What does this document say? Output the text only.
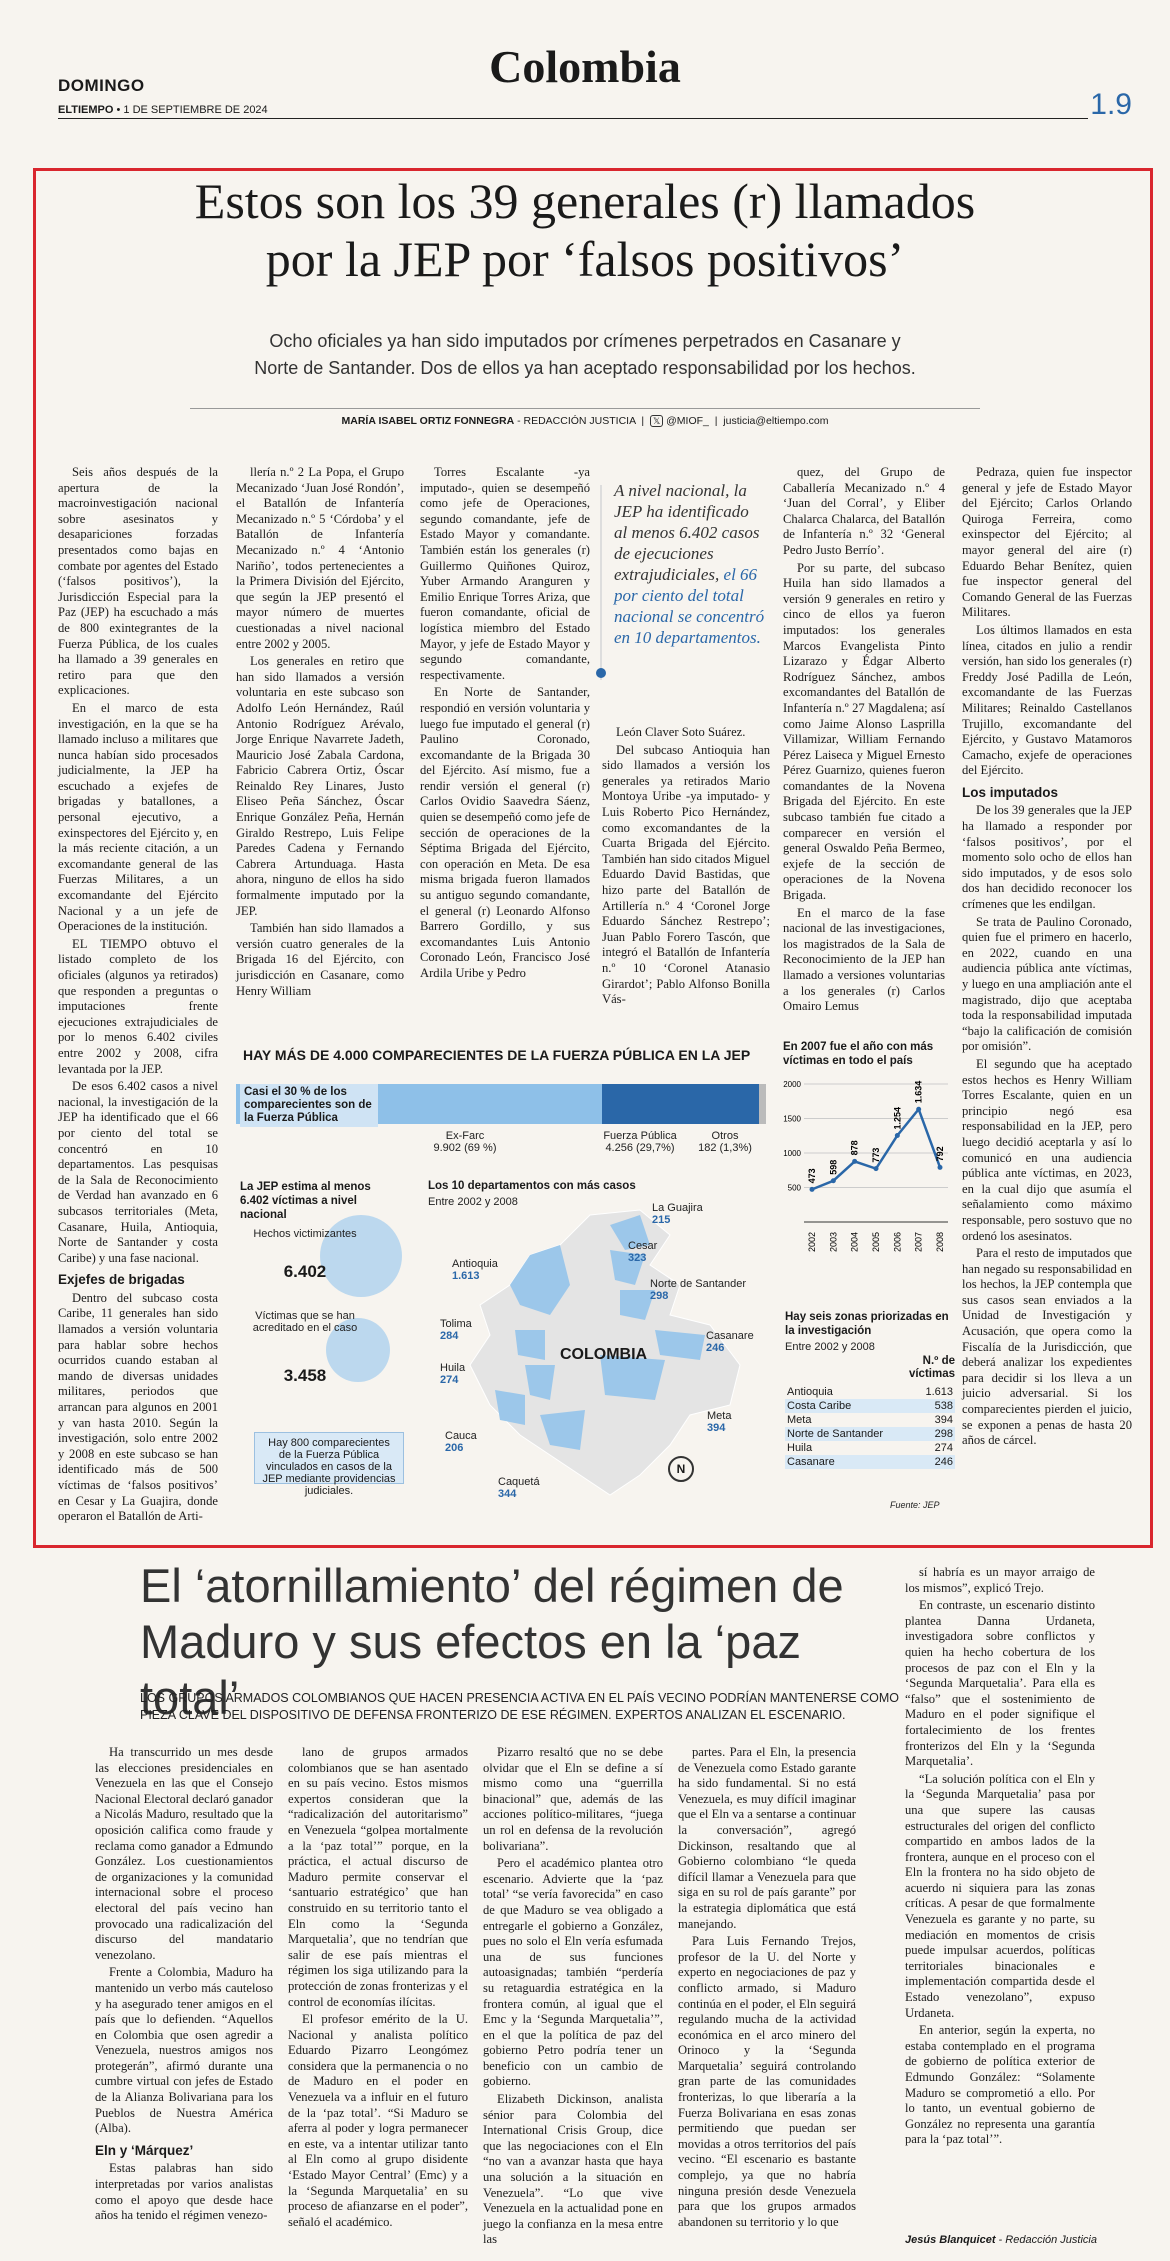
Colombia
DOMINGO
ELTIEMPO • 1 DE SEPTIEMBRE DE 2024	1.9
Estos son los 39 generales (r) llamados
por la JEP por ‘falsos positivos’
Ocho oficiales ya han sido imputados por crímenes perpetrados en Casanare y
Norte de Santander. Dos de ellos ya han aceptado responsabilidad por los hechos.
MARÍA ISABEL ORTIZ FONNEGRA - REDACCIÓN JUSTICIA  |  𝕏 @MIOF_  |  justicia@eltiempo.com

Seis años después de la apertura de la macroinvestigación nacional sobre asesinatos y desapariciones forzadas presentados como bajas en combate por agentes del Estado (‘falsos positivos’), la Jurisdicción Especial para la Paz (JEP) ha escuchado a más de 800 exintegrantes de la Fuerza Pública, de los cuales ha llamado a 39 generales en retiro para que den explicaciones.

En el marco de esta investigación, en la que se ha llamado incluso a militares que nunca habían sido procesados judicialmente, la JEP ha escuchado a exjefes de brigadas y batallones, a personal ejecutivo, a exinspectores del Ejército y, en la más reciente citación, a un excomandante general de las Fuerzas Militares, a un excomandante del Ejército Nacional y a un jefe de Operaciones de la institución.

EL TIEMPO obtuvo el listado completo de los oficiales (algunos ya retirados) que responden a preguntas o imputaciones frente ejecuciones extrajudiciales de por lo menos 6.402 civiles entre 2002 y 2008, cifra levantada por la JEP.

De esos 6.402 casos a nivel nacional, la investigación de la JEP ha identificado que el 66 por ciento del total se concentró en 10 departamentos. Las pesquisas de la Sala de Reconocimiento de Verdad han avanzado en 6 subcasos territoriales (Meta, Casanare, Huila, Antioquia, Norte de Santander y costa Caribe) y una fase nacional.

Exjefes de brigadas

Dentro del subcaso costa Caribe, 11 generales han sido llamados a versión voluntaria para hablar sobre hechos ocurridos cuando estaban al mando de diversas unidades militares, periodos que arrancan para algunos en 2001 y van hasta 2010. Según la investigación, solo entre 2002 y 2008 en este subcaso se han identificado más de 500 víctimas de ‘falsos positivos’ en Cesar y La Guajira, donde operaron el Batallón de Arti-

llería n.º 2 La Popa, el Grupo Mecanizado ‘Juan José Rondón’, el Batallón de Infantería Mecanizado n.º 5 ‘Córdoba’ y el Batallón de Infantería Mecanizado n.º 4 ‘Antonio Nariño’, todos pertenecientes a la Primera División del Ejército, que según la JEP presentó el mayor número de muertes cuestionadas a nivel nacional entre 2002 y 2005.

Los generales en retiro que han sido llamados a versión voluntaria en este subcaso son Adolfo León Hernández, Raúl Antonio Rodríguez Arévalo, Jorge Enrique Navarrete Jadeth, Mauricio José Zabala Cardona, Fabricio Cabrera Ortiz, Óscar Reinaldo Rey Linares, Justo Eliseo Peña Sánchez, Óscar Enrique González Peña, Hernán Giraldo Restrepo, Luis Felipe Paredes Cadena y Fernando Cabrera Artunduaga. Hasta ahora, ninguno de ellos ha sido formalmente imputado por la JEP.

También han sido llamados a versión cuatro generales de la Brigada 16 del Ejército, con jurisdicción en Casanare, como Henry William

Torres Escalante -ya imputado-, quien se desempeñó como jefe de Operaciones, segundo comandante, jefe de Estado Mayor y comandante. También están los generales (r) Guillermo Quiñones Quiroz, Yuber Armando Aranguren y Emilio Enrique Torres Ariza, que fueron comandante, oficial de logística miembro del Estado Mayor, y jefe de Estado Mayor y segundo comandante, respectivamente.

En Norte de Santander, respondió en versión voluntaria y luego fue imputado el general (r) Paulino Coronado, excomandante de la Brigada 30 del Ejército. Así mismo, fue a rendir versión el general (r) Carlos Ovidio Saavedra Sáenz, quien se desempeñó como jefe de sección de operaciones de la Séptima Brigada del Ejército, con operación en Meta. De esa misma brigada fueron llamados su antiguo segundo comandante, el general (r) Leonardo Alfonso Barrero Gordillo, y sus excomandantes Luis Antonio Coronado León, Francisco José Ardila Uribe y Pedro

A nivel nacional, la JEP ha identificado al menos 6.402 casos de ejecuciones extrajudiciales, el 66 por ciento del total nacional se concentró en 10 departamentos.

León Claver Soto Suárez.

Del subcaso Antioquia han sido llamados a versión los generales ya retirados Mario Montoya Uribe -ya imputado- y Luis Roberto Pico Hernández, como excomandantes de la Cuarta Brigada del Ejército. También han sido citados Miguel Eduardo David Bastidas, que hizo parte del Batallón de Artillería n.º 4 ‘Coronel Jorge Eduardo Sánchez Restrepo’; Juan Pablo Forero Tascón, que integró el Batallón de Infantería n.º 10 ‘Coronel Atanasio Girardot’; Pablo Alfonso Bonilla Vás-

quez, del Grupo de Caballería Mecanizado n.º 4 ‘Juan del Corral’, y Eliber Chalarca Chalarca, del Batallón de Infantería n.º 32 ‘General Pedro Justo Berrío’.

Por su parte, del subcaso Huila han sido llamados a versión 9 generales en retiro y cinco de ellos ya fueron imputados: los generales Marcos Evangelista Pinto Lizarazo y Édgar Alberto Rodríguez Sánchez, ambos excomandantes del Batallón de Infantería n.º 27 Magdalena; así como Jaime Alonso Lasprilla Villamizar, William Fernando Pérez Laiseca y Miguel Ernesto Pérez Guarnizo, quienes fueron comandantes de la Novena Brigada del Ejército. En este subcaso también fue citado a comparecer en versión el general Oswaldo Peña Bermeo, exjefe de la sección de operaciones de la Novena Brigada.

En el marco de la fase nacional de las investigaciones, los magistrados de la Sala de Reconocimiento de la JEP han llamado a versiones voluntarias a los generales (r) Carlos Omairo Lemus

Pedraza, quien fue inspector general y jefe de Estado Mayor del Ejército; Carlos Orlando Quiroga Ferreira, como exinspector del Ejército; al mayor general del aire (r) Eduardo Behar Benítez, quien fue inspector general del Comando General de las Fuerzas Militares.

Los últimos llamados en esta línea, citados en julio a rendir versión, han sido los generales (r) Freddy José Padilla de León, excomandante de las Fuerzas Militares; Reinaldo Castellanos Trujillo, excomandante del Ejército, y Gustavo Matamoros Camacho, exjefe de operaciones del Ejército.

Los imputados

De los 39 generales que la JEP ha llamado a responder por ‘falsos positivos’, por el momento solo ocho de ellos han sido imputados, y de esos solo dos han decidido reconocer los crímenes que les endilgan.

Se trata de Paulino Coronado, quien fue el primero en hacerlo, en 2022, cuando en una audiencia pública ante víctimas, y luego en una ampliación ante el magistrado, dijo que aceptaba toda la responsabilidad imputada “bajo la calificación de comisión por omisión”.

El segundo que ha aceptado estos hechos es Henry William Torres Escalante, quien en un principio negó esa responsabilidad en la JEP, pero luego decidió aceptarla y así lo comunicó en una audiencia pública ante víctimas, en 2023, en la cual dijo que asumía el señalamiento como máximo responsable, pero sostuvo que no ordenó los asesinatos.

Para el resto de imputados que han negado su responsabilidad en los hechos, la JEP contempla que sus casos sean enviados a la Unidad de Investigación y Acusación, que opera como la Fiscalía de la Jurisdicción, que deberá analizar los expedientes para decidir si los lleva a un juicio adversarial. Si los comparecientes pierden el juicio, se exponen a penas de hasta 20 años de cárcel.

HAY MÁS DE 4.000 COMPARECIENTES DE LA FUERZA PÚBLICA EN LA JEP
Casi el 30 % de los comparecientes son de la Fuerza Pública
Ex-Farc
9.902 (69 %)
Fuerza Pública
4.256 (29,7%)
Otros
182 (1,3%)
La JEP estima al menos 6.402 víctimas a nivel nacional
Hechos victimizantes
6.402
Víctimas que se han acreditado en el caso
3.458
Hay 800 comparecientes de la Fuerza Pública vinculados en casos de la JEP mediante providencias judiciales.
Los 10 departamentos con más casos
Entre 2002 y 2008	La Guajira
215
Cesar
323
Norte de Santander
298
Antioquia
1.613
Casanare
246
Tolima
284
Huila
274
Meta
394
Cauca
206
Caquetá
344
COLOMBIA
N
En 2007 fue el año con más víctimas en todo el país
500
1000
1500
2000
473
2002
598
2003
878
2004
773
2005
1.254
2006
1.634
2007
792
2008
Hay seis zonas priorizadas en la investigación
Entre 2002 y 2008
N.º de víctimas
Antioquia	1.613
Costa Caribe	538
Meta	394
Norte de Santander	298
Huila	274
Casanare	246
Fuente: JEP
El ‘atornillamiento’ del régimen de
Maduro y sus efectos en la ‘paz total’
LOS GRUPOS ARMADOS COLOMBIANOS QUE HACEN PRESENCIA ACTIVA EN EL PAÍS VECINO PODRÍAN MANTENERSE COMO PIEZA CLAVE DEL DISPOSITIVO DE DEFENSA FRONTERIZO DE ESE RÉGIMEN. EXPERTOS ANALIZAN EL ESCENARIO.

Ha transcurrido un mes desde las elecciones presidenciales en Venezuela en las que el Consejo Nacional Electoral declaró ganador a Nicolás Maduro, resultado que la oposición califica como fraude y reclama como ganador a Edmundo González. Los cuestionamientos de organizaciones y la comunidad internacional sobre el proceso electoral del país vecino han provocado una radicalización del discurso del mandatario venezolano.

Frente a Colombia, Maduro ha mantenido un verbo más cauteloso y ha asegurado tener amigos en el país que lo defienden. “Aquellos en Colombia que osen agredir a Venezuela, nuestros amigos nos protegerán”, afirmó durante una cumbre virtual con jefes de Estado de la Alianza Bolivariana para los Pueblos de Nuestra América (Alba).

Eln y ‘Márquez’

Estas palabras han sido interpretadas por varios analistas como el apoyo que desde hace años ha tenido el régimen venezo-

lano de grupos armados colombianos que se han asentado en su país vecino. Estos mismos expertos consideran que la “radicalización del autoritarismo” en Venezuela “golpea mortalmente a la ‘paz total’” porque, en la práctica, el actual discurso de Maduro permite conservar el ‘santuario estratégico’ que han construido en su territorio tanto el Eln como la ‘Segunda Marquetalia’, que no tendrían que salir de ese país mientras el régimen los siga utilizando para la protección de zonas fronterizas y el control de economías ilícitas.

El profesor emérito de la U. Nacional y analista político Eduardo Pizarro Leongómez considera que la permanencia o no de Maduro en el poder en Venezuela va a influir en el futuro de la ‘paz total’. “Si Maduro se aferra al poder y logra permanecer en este, va a intentar utilizar tanto al Eln como al grupo disidente ‘Estado Mayor Central’ (Emc) y a la ‘Segunda Marquetalia’ en su proceso de afianzarse en el poder”, señaló el académico.

Pizarro resaltó que no se debe olvidar que el Eln se define a sí mismo como una “guerrilla binacional” que, además de las acciones político-militares, “juega un rol en defensa de la revolución bolivariana”.

Pero el académico plantea otro escenario. Advierte que la ‘paz total’ “se vería favorecida” en caso de que Maduro se vea obligado a entregarle el gobierno a González, pues no solo el Eln vería esfumada una de sus funciones autoasignadas; también “perdería su retaguardia estratégica en la frontera común, al igual que el Emc y la ‘Segunda Marquetalia’”, en el que la política de paz del gobierno Petro podría tener un beneficio con un cambio de gobierno.

Elizabeth Dickinson, analista sénior para Colombia del International Crisis Group, dice que las negociaciones con el Eln “no van a avanzar hasta que haya una solución a la situación en Venezuela”. “Lo que vive Venezuela en la actualidad pone en juego la confianza en la mesa entre las

partes. Para el Eln, la presencia de Venezuela como Estado garante ha sido fundamental. Si no está Venezuela, es muy difícil imaginar que el Eln va a sentarse a continuar la conversación”, agregó Dickinson, resaltando que al Gobierno colombiano “le queda difícil llamar a Venezuela para que siga en su rol de país garante” por la estrategia diplomática que está manejando.

Para Luis Fernando Trejos, profesor de la U. del Norte y experto en negociaciones de paz y conflicto armado, si Maduro continúa en el poder, el Eln seguirá regulando mucha de la actividad económica en el arco minero del Orinoco y la ‘Segunda Marquetalia’ seguirá controlando gran parte de las comunidades fronterizas, lo que liberaría a la Fuerza Bolivariana en esas zonas permitiendo que puedan ser movidas a otros territorios del país vecino. “El escenario es bastante complejo, ya que no habría ninguna presión desde Venezuela para que los grupos armados abandonen su territorio y lo que

sí habría es un mayor arraigo de los mismos”, explicó Trejo.

En contraste, un escenario distinto plantea Danna Urdaneta, investigadora sobre conflictos y quien ha hecho cobertura de los procesos de paz con el Eln y la ‘Segunda Marquetalia’. Para ella es “falso” que el sostenimiento de Maduro en el poder signifique el fortalecimiento de los frentes fronterizos del Eln y la ‘Segunda Marquetalia’.

“La solución política con el Eln y la ‘Segunda Marquetalia’ pasa por una que supere las causas estructurales del origen del conflicto compartido en ambos lados de la frontera, aunque en el proceso con el Eln la frontera no ha sido objeto de acuerdo ni siquiera para las zonas críticas. A pesar de que formalmente Venezuela es garante y no parte, su mediación en momentos de crisis puede impulsar acuerdos, políticas territoriales binacionales e implementación compartida desde el Estado venezolano”, expuso Urdaneta.

En anterior, según la experta, no estaba contemplado en el programa de gobierno de política exterior de Edmundo González: “Solamente Maduro se comprometió a ello. Por lo tanto, un eventual gobierno de González no representa una garantía para la ‘paz total’”.

Jesús Blanquicet - Redacción Justicia
